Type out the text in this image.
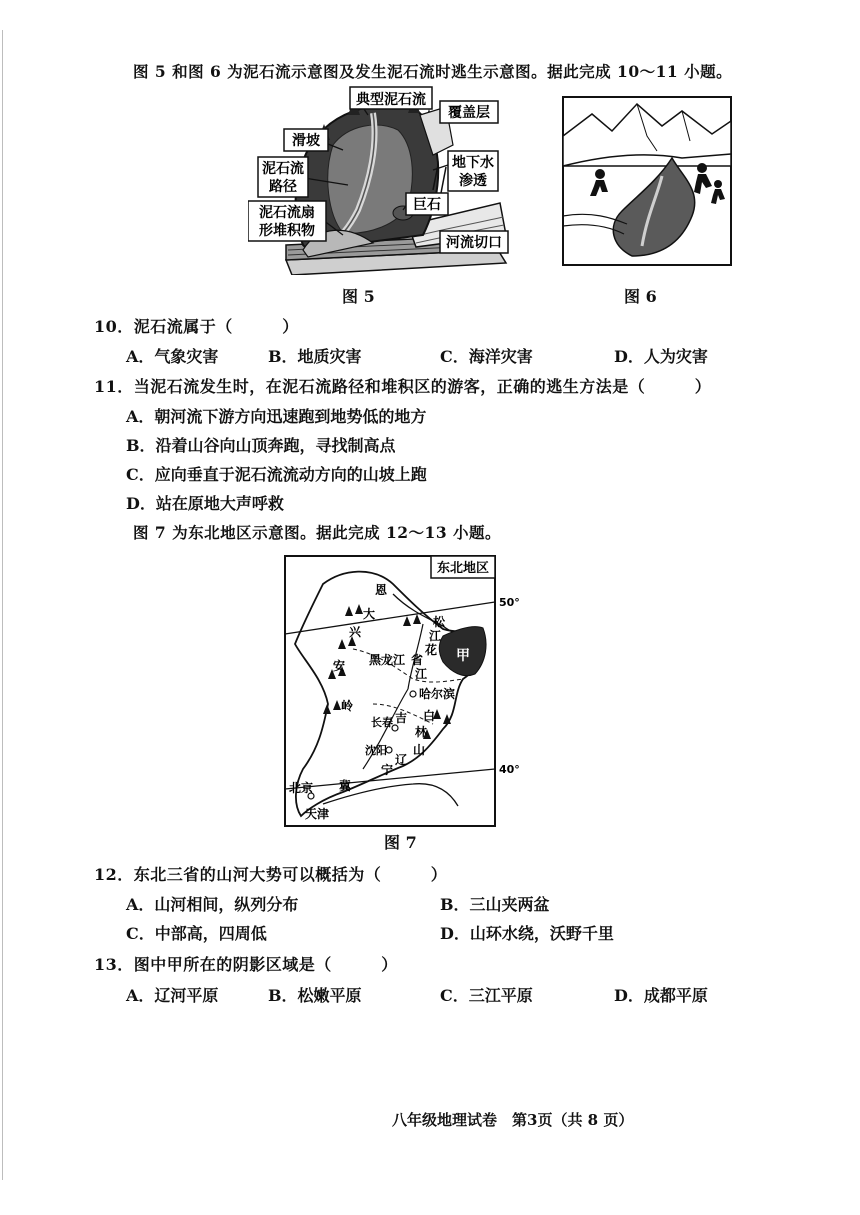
图 5 和图 6 为泥石流示意图及发生泥石流时逃生示意图。据此完成 10～11 小题。
典型泥石流
覆盖层
滑坡
泥石流
路径
地下水
渗透
巨石
泥石流扇
形堆积物
河流切口
图 5	图 6
10．泥石流属于（　　　）
A．气象灾害	B．地质灾害	C．海洋灾害	D．人为灾害
11．当泥石流发生时，在泥石流路径和堆积区的游客，正确的逃生方法是（　　　）
A．朝河流下游方向迅速跑到地势低的地方
B．沿着山谷向山顶奔跑，寻找制高点
C．应向垂直于泥石流流动方向的山坡上跑
D．站在原地大声呼救
图 7 为东北地区示意图。据此完成 12～13 小题。
东北地区
50°
40°
甲
恩
大
兴
安
岭
黑龙江 省
江
松
花
江
哈尔滨
吉 白
长春
林
山
沈阳
辽
宁
冀
北京
天津
图 7
12．东北三省的山河大势可以概括为（　　　）
A．山河相间，纵列分布	B．三山夹两盆
C．中部高，四周低	D．山环水绕，沃野千里
13．图中甲所在的阴影区域是（　　　）
A．辽河平原	B．松嫩平原	C．三江平原	D．成都平原
八年级地理试卷　第3页（共 8 页）
